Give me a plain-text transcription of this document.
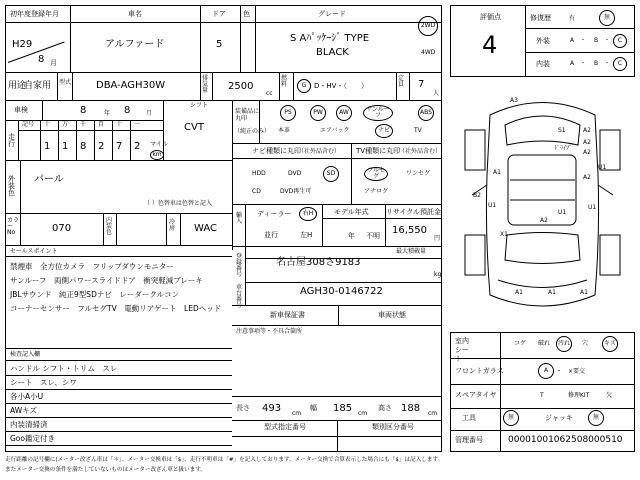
初年度登録年月
H29
8 月
車名
アルファード
ドア
5
色	グレード
S Aﾊﾟｯｹｰｼﾞ TYPE
BLACK
2WD
4WD
用途
自家用 型式 DBA-AGH30W
排気量	2500
cc
燃料	G D・HV・（　　）
定員	7
人
車検	8	年 8	月
シフト
CVT
走行
記号 十 万 千 百 十 一
1 1 8 2 7 2 マイル
km
外装色
パール
（ ）色替車は色替と記入
カラーNo	070
内装色
冷房 WAC
セールスポイント
禁煙車　全方位カメラ　フリップダウンモニター
サンルーフ　両側パワースライドドア　衝突軽減ブレーキ
JBLサウンド　純正9型SDナビ　レーダークルコン
コーナーセンサー　フルセグTV　電動リアゲート　LEDヘッド
検査記入欄
ハンドル シフト・トリム　スレ
シート　スレ、シワ
各小A小U
AWキズ
内装清掃済
Goo鑑定付き
装備品に丸印
（純正のみ）
PS	PW	AW	サンルーフ	ABS
本革	エアバック	ナビ	TV
ナビ種類に丸印
（社外品含む）
HDD	DVD	SD
CD	DVD再生可
TV種類に丸印
（社外品含む）
フルセグ	ワンセグ
アナログ
輸入
ディーラー 右H
並行	左H
モデル年式
年 不明
リサイクル預託金
16,550
円
登録番号
最大積載量
名古屋308さ9183
kg
車台番号
AGH30-0146722
新車保証書	車両状態
注意事項等・不具合箇所
長さ 493 cm
幅 185 cm
高さ 188 cm
型式指定番号	類別区分番号
評価点
4
修復歴	有	無
外装	A ・ B ・	C
内装	A ・ B ・	C
A3
S1	A2
A2
ﾄﾞﾗｲﾌﾞ
A2
U1
A2
U1
A1
B2
U1
U1
A2
X1
A1
A1	A1
室内シート
コゲ 破れ	汚れ	穴	キズ
フロントガラス	A ・　×要交
スペアタイヤ	T	修理KIT	欠
工具	無	ジャッキ	無
管理番号	00001001062508000510
走行距離の記号欄に(メーター改ざん車は「＊」、メーター交換車は「$」、走行不明車は「#」を記入しております。メーター交換で合算表示した場合にも「$」は記入します。
またメーター交換の条件を満たしていないものはメーター改ざん車と扱います。
